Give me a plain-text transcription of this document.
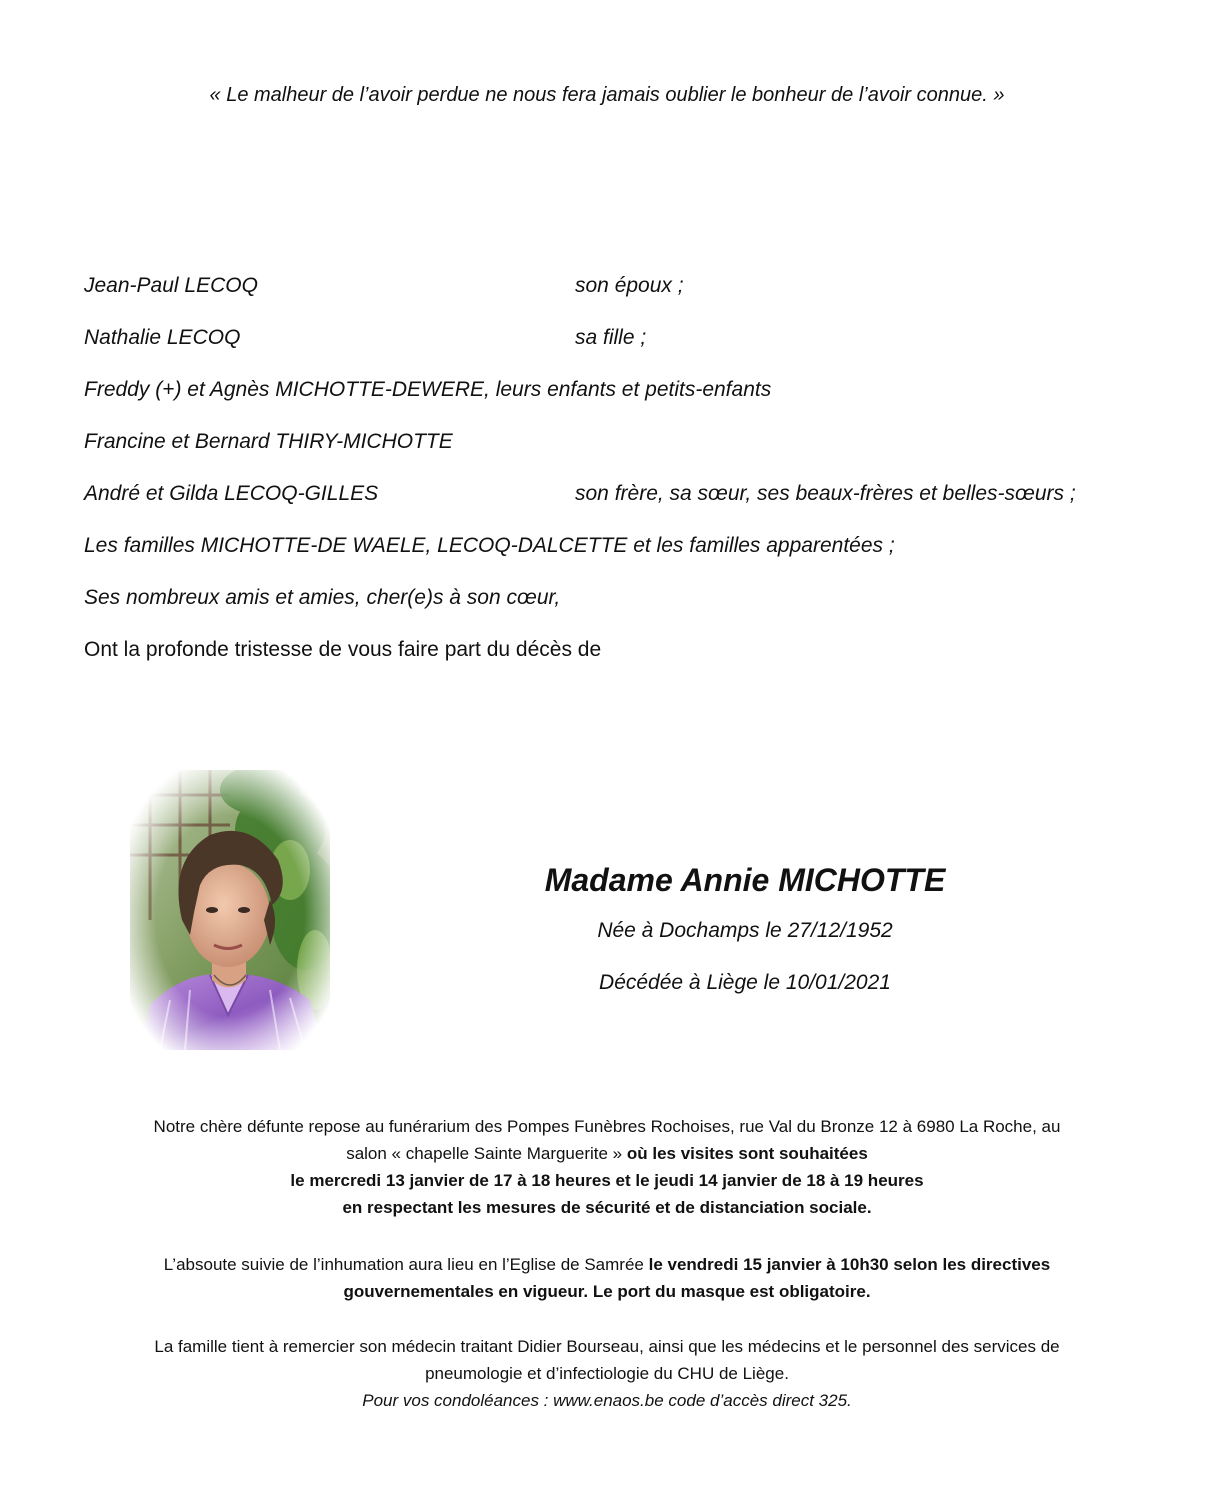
« Le malheur de l’avoir perdue ne nous fera jamais oublier le bonheur de l’avoir connue. »
Jean-Paul LECOQ	son époux ;
Nathalie LECOQ	sa fille ;
Freddy (+) et Agnès MICHOTTE-DEWERE, leurs enfants et petits-enfants
Francine et Bernard THIRY-MICHOTTE
André et Gilda LECOQ-GILLES	son frère, sa sœur, ses beaux-frères et belles-sœurs ;
Les familles MICHOTTE-DE WAELE, LECOQ-DALCETTE et les familles apparentées ;
Ses nombreux amis et amies, cher(e)s à son cœur,
Ont la profonde tristesse de vous faire part du décès de
Madame Annie MICHOTTE
Née à Dochamps le 27/12/1952
Décédée à Liège le 10/01/2021
Notre chère défunte repose au funérarium des Pompes Funèbres Rochoises, rue Val du Bronze 12 à 6980 La Roche, au
salon « chapelle Sainte Marguerite » où les visites sont souhaitées
le mercredi 13 janvier de 17 à 18 heures et le jeudi 14 janvier de 18 à 19 heures
en respectant les mesures de sécurité et de distanciation sociale.
L’absoute suivie de l’inhumation aura lieu en l’Eglise de Samrée le vendredi 15 janvier à 10h30 selon les directives
gouvernementales en vigueur. Le port du masque est obligatoire.
La famille tient à remercier son médecin traitant Didier Bourseau, ainsi que les médecins et le personnel des services de
pneumologie et d’infectiologie du CHU de Liège.
Pour vos condoléances : www.enaos.be code d’accès direct 325.
